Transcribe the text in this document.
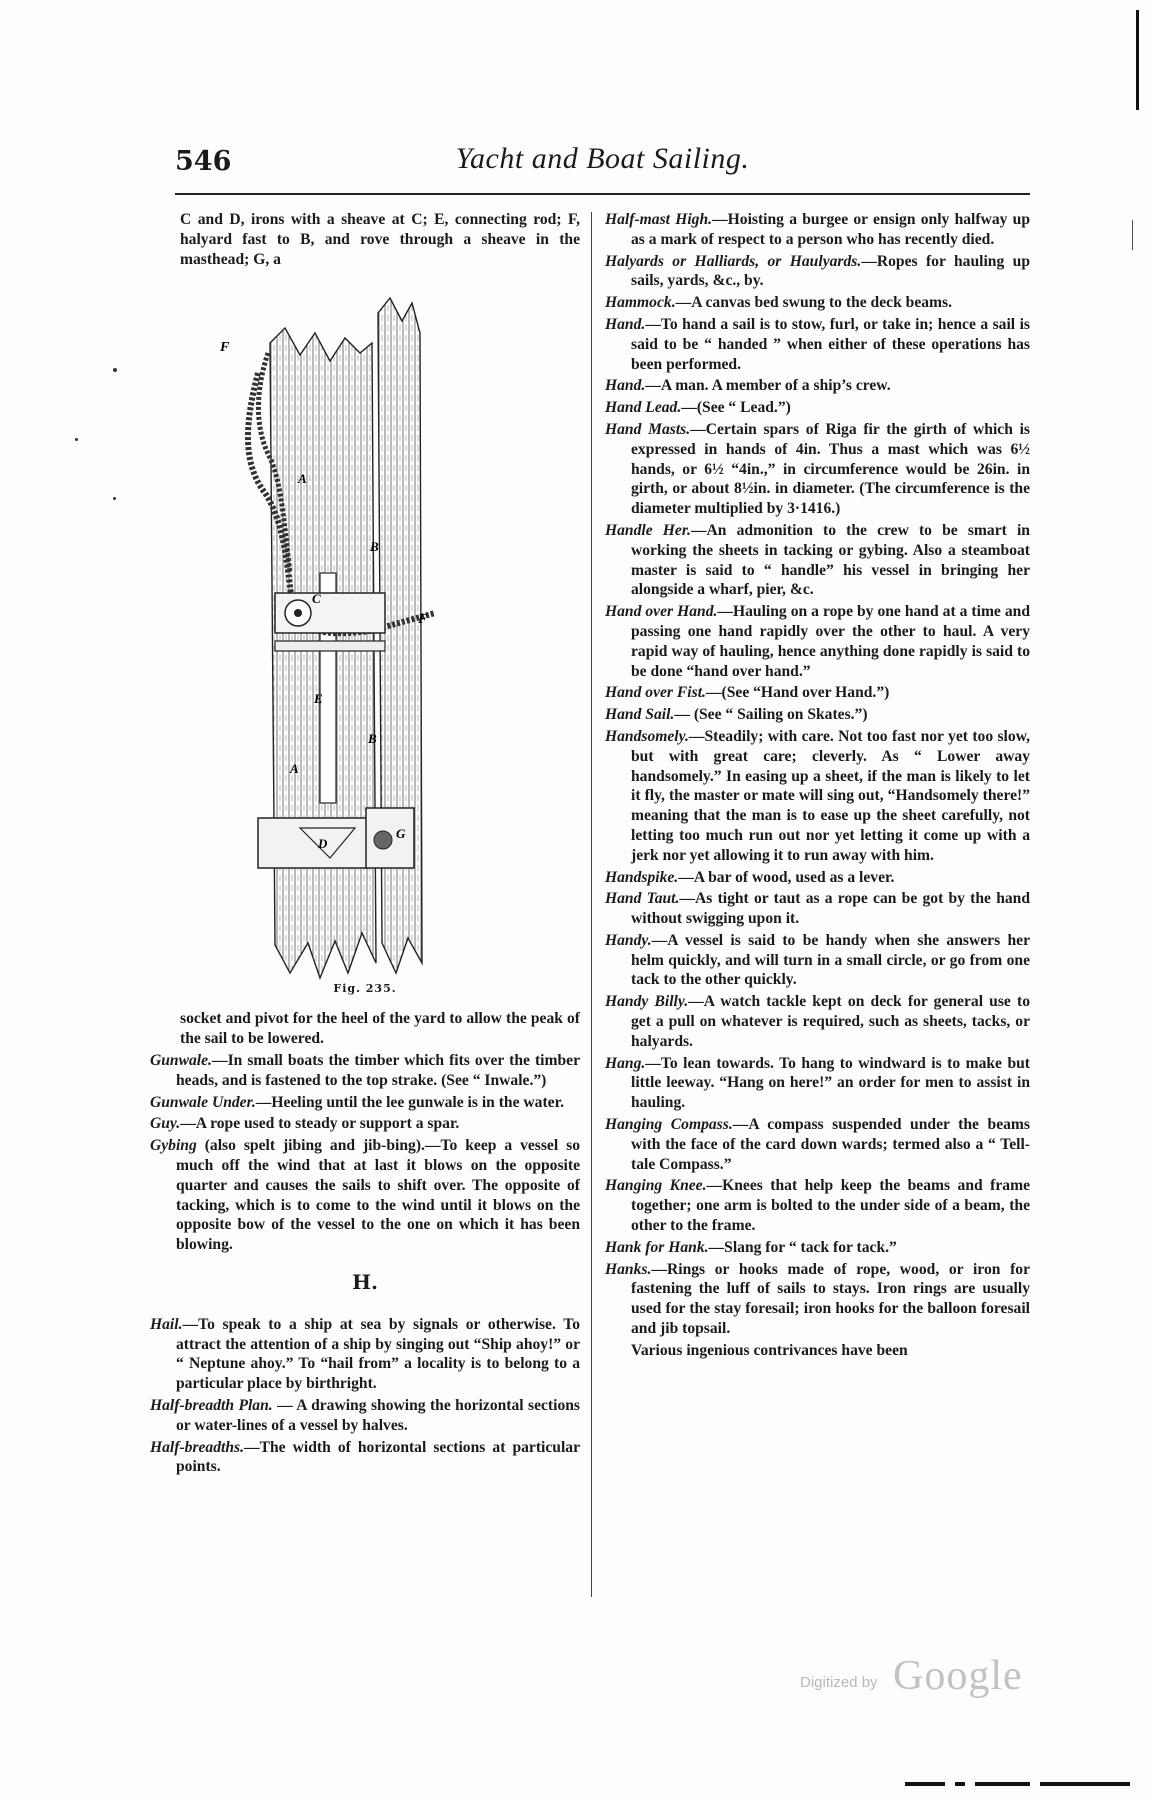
546	Yacht and Boat Sailing.

C and D, irons with a sheave at C; E, connecting rod; F, halyard fast to B, and rove through a sheave in the masthead; G, a

F
F
A
A
B
B
C
E
D
G
Fig. 235.

socket and pivot for the heel of the yard to allow the peak of the sail to be lowered.

Gunwale.—In small boats the timber which fits over the timber heads, and is fastened to the top strake. (See “ Inwale.”)

Gunwale Under.—Heeling until the lee gunwale is in the water.

Guy.—A rope used to steady or support a spar.

Gybing (also spelt jibing and jib-bing).—To keep a vessel so much off the wind that at last it blows on the opposite quarter and causes the sails to shift over. The opposite of tacking, which is to come to the wind until it blows on the opposite bow of the vessel to the one on which it has been blowing.

H.

Hail.—To speak to a ship at sea by signals or otherwise. To attract the attention of a ship by singing out “Ship ahoy!” or “ Neptune ahoy.” To “hail from” a locality is to belong to a particular place by birthright.

Half-breadth Plan. — A drawing showing the horizontal sections or water-lines of a vessel by halves.

Half-breadths.—The width of horizontal sections at particular points.

Half-mast High.—Hoisting a burgee or ensign only halfway up as a mark of respect to a person who has recently died.

Halyards or Halliards, or Haulyards.—Ropes for hauling up sails, yards, &c., by.

Hammock.—A canvas bed swung to the deck beams.

Hand.—To hand a sail is to stow, furl, or take in; hence a sail is said to be “ handed ” when either of these operations has been performed.

Hand.—A man. A member of a ship’s crew.

Hand Lead.—(See “ Lead.”)

Hand Masts.—Certain spars of Riga fir the girth of which is expressed in hands of 4in. Thus a mast which was 6½ hands, or 6½ “4in.,” in circumference would be 26in. in girth, or about 8½in. in diameter. (The circumference is the diameter multiplied by 3·1416.)

Handle Her.—An admonition to the crew to be smart in working the sheets in tacking or gybing. Also a steamboat master is said to “ handle” his vessel in bringing her alongside a wharf, pier, &c.

Hand over Hand.—Hauling on a rope by one hand at a time and passing one hand rapidly over the other to haul. A very rapid way of hauling, hence anything done rapidly is said to be done “hand over hand.”

Hand over Fist.—(See “Hand over Hand.”)

Hand Sail.— (See “ Sailing on Skates.”)

Handsomely.—Steadily; with care. Not too fast nor yet too slow, but with great care; cleverly. As “ Lower away handsomely.” In easing up a sheet, if the man is likely to let it fly, the master or mate will sing out, “Handsomely there!” meaning that the man is to ease up the sheet carefully, not letting too much run out nor yet letting it come up with a jerk nor yet allowing it to run away with him.

Handspike.—A bar of wood, used as a lever.

Hand Taut.—As tight or taut as a rope can be got by the hand without swigging upon it.

Handy.—A vessel is said to be handy when she answers her helm quickly, and will turn in a small circle, or go from one tack to the other quickly.

Handy Billy.—A watch tackle kept on deck for general use to get a pull on whatever is required, such as sheets, tacks, or halyards.

Hang.—To lean towards. To hang to windward is to make but little leeway. “Hang on here!” an order for men to assist in hauling.

Hanging Compass.—A compass suspended under the beams with the face of the card down wards; termed also a “ Tell-tale Compass.”

Hanging Knee.—Knees that help keep the beams and frame together; one arm is bolted to the under side of a beam, the other to the frame.

Hank for Hank.—Slang for “ tack for tack.”

Hanks.—Rings or hooks made of rope, wood, or iron for fastening the luff of sails to stays. Iron rings are usually used for the stay foresail; iron hooks for the balloon foresail and jib topsail.

Various ingenious contrivances have been

Digitized by Google
